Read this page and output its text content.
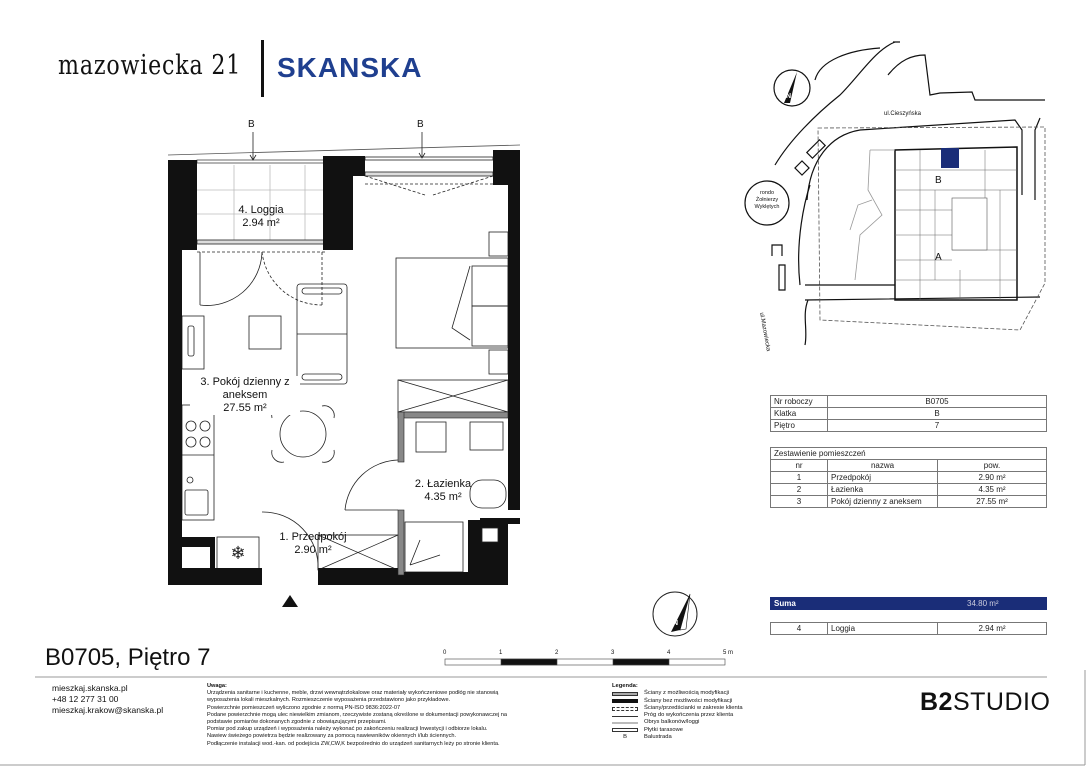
mazowiecka 21 SKANSKA
❄
B	B
4. Loggia
2.94 m²
3. Pokój dzienny z
aneksem
27.55 m²
2. Łazienka
4.35 m²
1. Przedpokój
2.90 m²
N
0	1	2	3	4	5 m
ul.Cieszyńska
ul.Mazowiecka
rondo
Żołnierzy
Wyklętych
B
A
N
Nr roboczy	B0705
Klatka	B
Piętro	7
Zestawienie pomieszczeń		
nr	nazwa	pow.
1	Przedpokój	2.90 m²
2	Łazienka	4.35 m²
3	Pokój dzienny z aneksem	27.55 m²
Suma	34.80 m²
4	Loggia	2.94 m²
B0705, Piętro 7
mieszkaj.skanska.pl
+48 12 277 31 00
mieszkaj.krakow@skanska.pl
Uwaga:
Urządzenia sanitarne i kuchenne, meble, drzwi wewnątrzlokalowe oraz materiały wykończeniowe podłóg nie stanowią wyposażenia lokali mieszkalnych. Rozmieszczenie wyposażenia przedstawiono jako przykładowe.
Powierzchnie pomieszczeń wyliczono zgodnie z normą PN-ISO 9836:2022-07
Podane powierzchnie mogą ulec niewielkim zmianom, rzeczywiste zostaną określone w dokumentacji powykonawczej na podstawie pomiarów dokonanych zgodnie z obowiązującymi przepisami.
Pomiar pod zakup urządzeń i wyposażenia należy wykonać po zakończeniu realizacji Inwestycji i odbiorze lokalu.
Nawiew świeżego powietrza będzie realizowany za pomocą nawiewników okiennych i/lub ściennych.
Podłączenie instalacji wod.-kan. od podejścia ZW,CW,K bezpośrednio do urządzeń sanitarnych leży po stronie klienta.
Legenda:
Ściany z możliwością modyfikacji
Ściany bez możliwości modyfikacji
Ściany/przedścianki w zakresie klienta
Próg do wykończenia przez klienta
Obrys balkonów/loggi
Płytki tarasowe
B	Balustrada
B2STUDIO
